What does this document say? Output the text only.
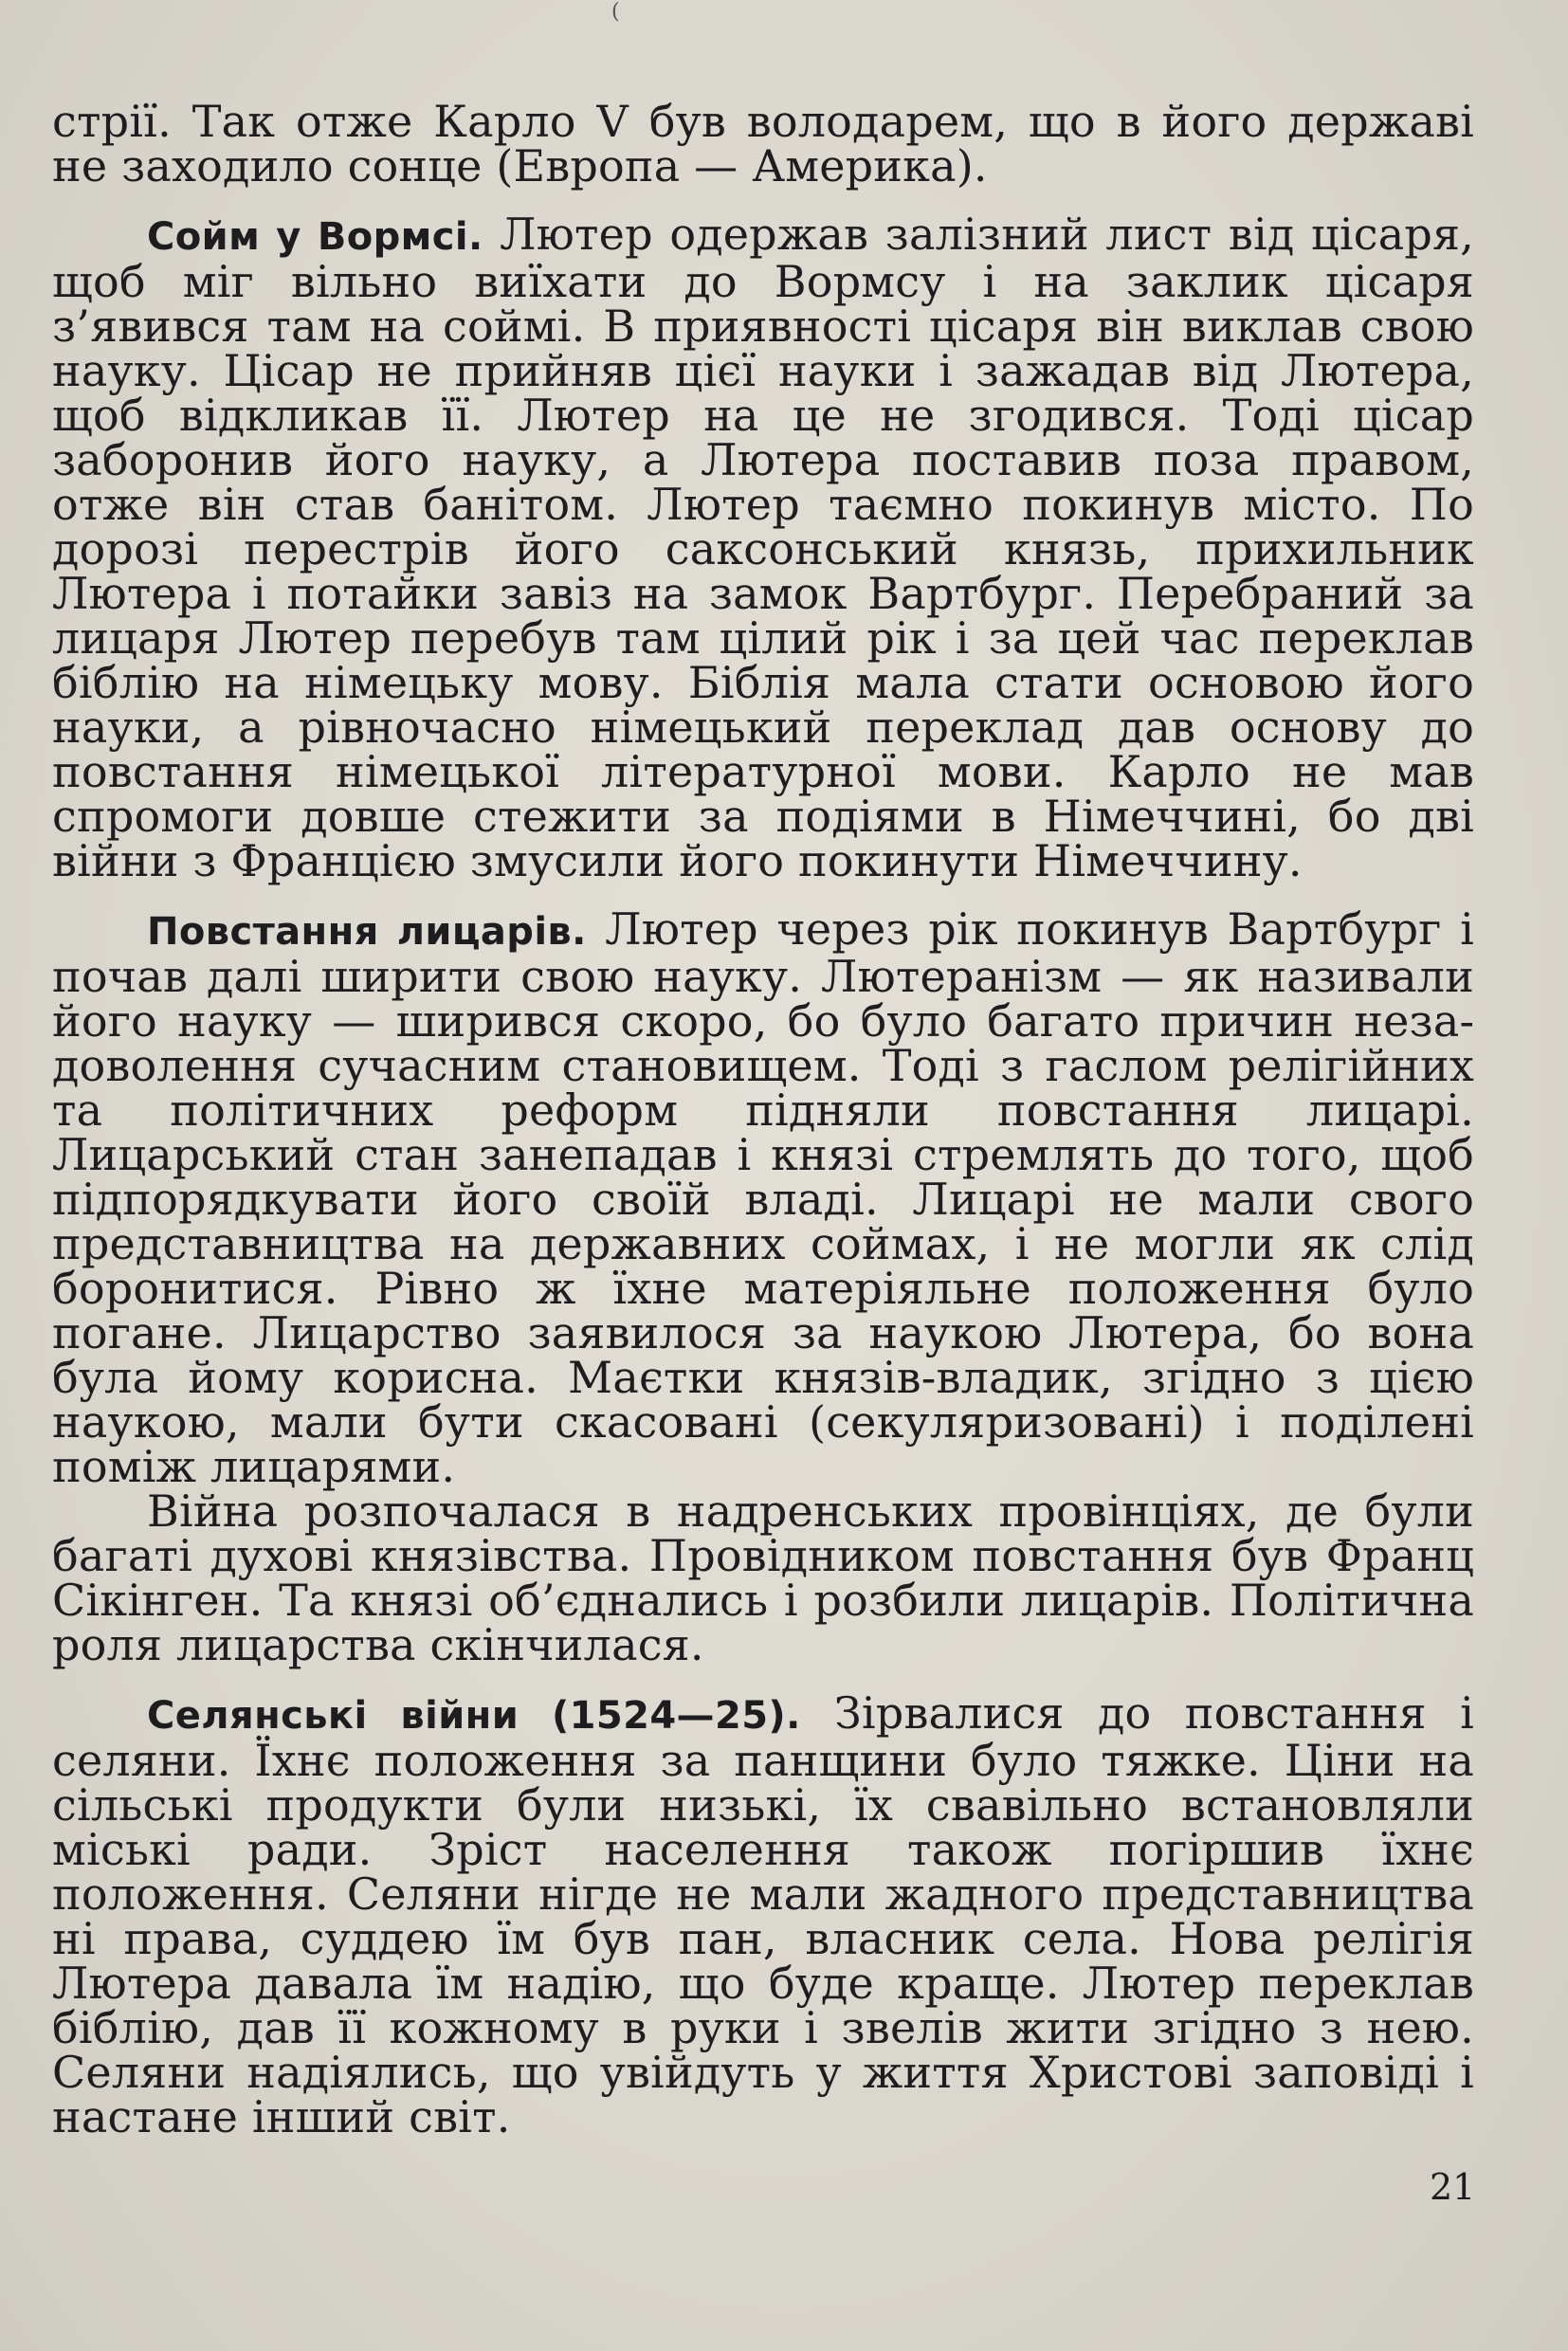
(

стрії. Так отже Карло V був володарем, що в його державі не заходило сонце (Европа — Америка).

Сойм у Вормсі. Лютер одержав залізний лист від цісаря, щоб міг вільно виїхати до Вормсу і на заклик цісаря з’явився там на соймі. В приявності цісаря він виклав свою науку. Цісар не прийняв цієї науки і зажадав від Лютера, щоб відкликав її. Лютер на це не згодився. Тоді цісар заборонив його науку, а Лютера поставив поза правом, отже він став банітом. Лютер таємно покинув місто. По дорозі перестрів його саксонський князь, прихильник Лютера і потайки завіз на замок Вартбург. Перебраний за лицаря Лютер перебув там цілий рік і за цей час переклав біблію на німецьку мову. Біблія мала стати основою його науки, а рівночасно німецький переклад дав основу до повстання німецької літературної мови. Карло не мав спромоги довше стежити за подіями в Німеччині, бо дві війни з Францією змусили його покинути Німеччину.

Повстання лицарів. Лютер через рік покинув Вартбург і почав далі ширити свою науку. Лютеранізм — як називали його науку — ширився скоро, бо було багато причин незадоволення сучасним становищем. Тоді з гаслом релігійних та політичних реформ підняли повстання лицарі. Лицарський стан занепадав і князі стремлять до того, щоб підпорядкувати його своїй владі. Лицарі не мали свого представництва на державних соймах, і не могли як слід боронитися. Рівно ж їхне матеріяльне положення було погане. Лицарство заявилося за наукою Лютера, бо вона була йому корисна. Маєтки князів-владик, згідно з цією наукою, мали бути скасовані (секуляризовані) і поділені поміж лицарями.

Війна розпочалася в надренських провінціях, де були багаті духові князівства. Провідником повстання був Франц Сікінген. Та князі об’єднались і розбили лицарів. Політична роля лицарства скінчилася.

Селянські війни (1524—25). Зірвалися до повстання і селяни. Їхнє положення за панщини було тяжке. Ціни на сільські продукти були низькі, їх свавільно встановляли міські ради. Зріст населення також погіршив їхнє положення. Селяни нігде не мали жадного представництва ні права, суддею їм був пан, власник села. Нова релігія Лютера давала їм надію, що буде краще. Лютер переклав біблію, дав її кожному в руки і звелів жити згідно з нею. Селяни надіялись, що увійдуть у життя Христові заповіді і настане інший світ.

21
